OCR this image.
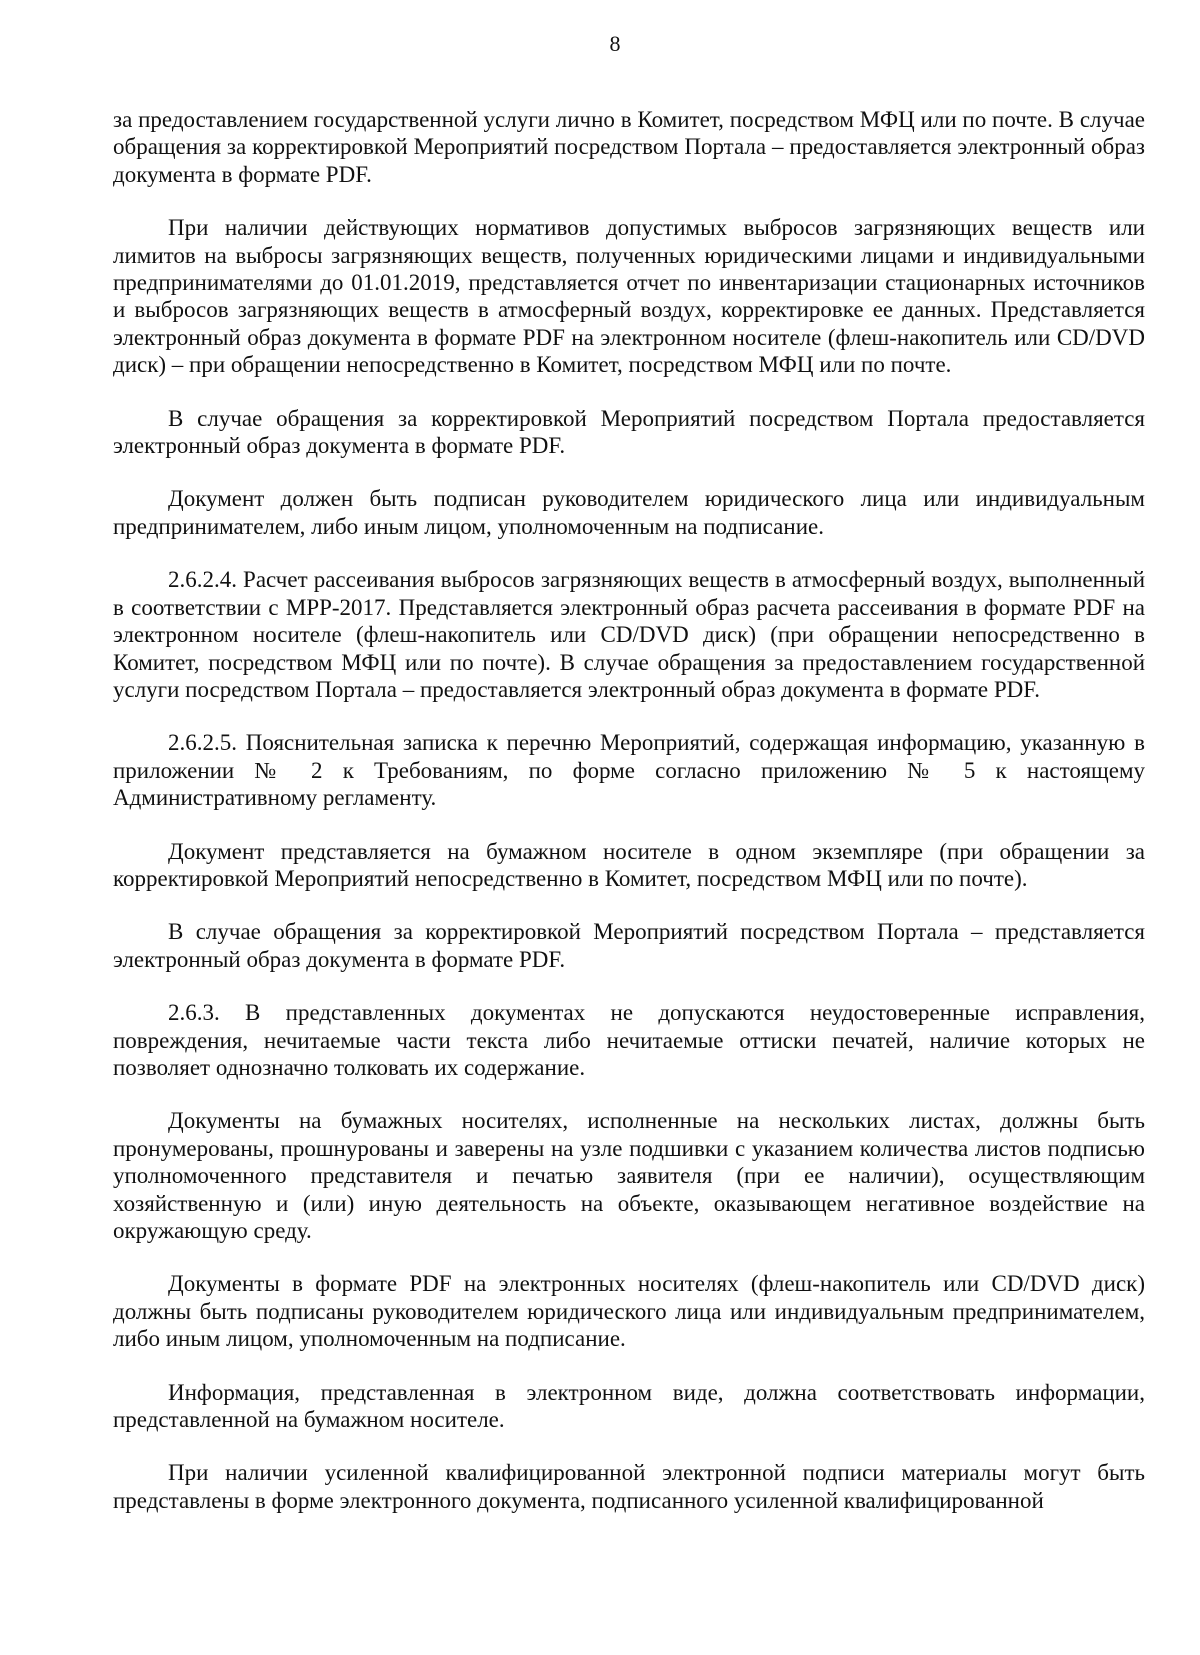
8

за предоставлением государственной услуги лично в Комитет, посредством МФЦ или по почте. В случае обращения за корректировкой Мероприятий посредством Портала – предоставляется электронный образ документа в формате PDF.

При наличии действующих нормативов допустимых выбросов загрязняющих веществ или лимитов на выбросы загрязняющих веществ, полученных юридическими лицами и индивидуальными предпринимателями до 01.01.2019, представляется отчет по инвентаризации стационарных источников и выбросов загрязняющих веществ в атмосферный воздух, корректировке ее данных. Представляется электронный образ документа в формате PDF на электронном носителе (флеш-накопитель или CD/DVD диск) – при обращении непосредственно в Комитет, посредством МФЦ или по почте.

В случае обращения за корректировкой Мероприятий посредством Портала предоставляется электронный образ документа в формате PDF.

Документ должен быть подписан руководителем юридического лица или индивидуальным предпринимателем, либо иным лицом, уполномоченным на подписание.

2.6.2.4. Расчет рассеивания выбросов загрязняющих веществ в атмосферный воздух, выполненный в соответствии с МРР-2017. Представляется электронный образ расчета рассеивания в формате PDF на электронном носителе (флеш-накопитель или CD/DVD диск) (при обращении непосредственно в Комитет, посредством МФЦ или по почте). В случае обращения за предоставлением государственной услуги посредством Портала – предоставляется электронный образ документа в формате PDF.

2.6.2.5. Пояснительная записка к перечню Мероприятий, содержащая информацию, указанную в приложении № 2 к Требованиям, по форме согласно приложению № 5 к настоящему Административному регламенту.

Документ представляется на бумажном носителе в одном экземпляре (при обращении за корректировкой Мероприятий непосредственно в Комитет, посредством МФЦ или по почте).

В случае обращения за корректировкой Мероприятий посредством Портала – представляется электронный образ документа в формате PDF.

2.6.3. В представленных документах не допускаются неудостоверенные исправления, повреждения, нечитаемые части текста либо нечитаемые оттиски печатей, наличие которых не позволяет однозначно толковать их содержание.

Документы на бумажных носителях, исполненные на нескольких листах, должны быть пронумерованы, прошнурованы и заверены на узле подшивки с указанием количества листов подписью уполномоченного представителя и печатью заявителя (при ее наличии), осуществляющим хозяйственную и (или) иную деятельность на объекте, оказывающем негативное воздействие на окружающую среду.

Документы в формате PDF на электронных носителях (флеш-накопитель или CD/DVD диск) должны быть подписаны руководителем юридического лица или индивидуальным предпринимателем, либо иным лицом, уполномоченным на подписание.

Информация, представленная в электронном виде, должна соответствовать информации, представленной на бумажном носителе.

При наличии усиленной квалифицированной электронной подписи материалы могут быть представлены в форме электронного документа, подписанного усиленной квалифицированной
